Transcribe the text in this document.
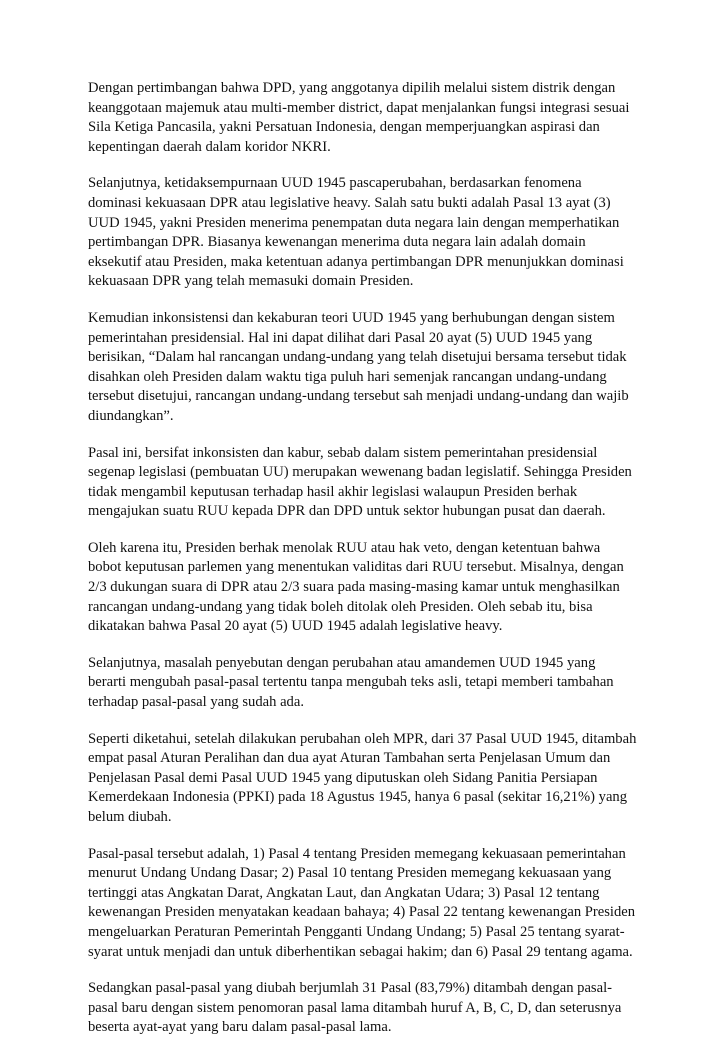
Dengan pertimbangan bahwa DPD, yang anggotanya dipilih melalui sistem distrik dengan
keanggotaan majemuk atau multi-member district, dapat menjalankan fungsi integrasi sesuai
Sila Ketiga Pancasila, yakni Persatuan Indonesia, dengan memperjuangkan aspirasi dan
kepentingan daerah dalam koridor NKRI.

Selanjutnya, ketidaksempurnaan UUD 1945 pascaperubahan, berdasarkan fenomena
dominasi kekuasaan DPR atau legislative heavy. Salah satu bukti adalah Pasal 13 ayat (3)
UUD 1945, yakni Presiden menerima penempatan duta negara lain dengan memperhatikan
pertimbangan DPR. Biasanya kewenangan menerima duta negara lain adalah domain
eksekutif atau Presiden, maka ketentuan adanya pertimbangan DPR menunjukkan dominasi
kekuasaan DPR yang telah memasuki domain Presiden.

Kemudian inkonsistensi dan kekaburan teori UUD 1945 yang berhubungan dengan sistem
pemerintahan presidensial. Hal ini dapat dilihat dari Pasal 20 ayat (5) UUD 1945 yang
berisikan, “Dalam hal rancangan undang-undang yang telah disetujui bersama tersebut tidak
disahkan oleh Presiden dalam waktu tiga puluh hari semenjak rancangan undang-undang
tersebut disetujui, rancangan undang-undang tersebut sah menjadi undang-undang dan wajib
diundangkan”.

Pasal ini, bersifat inkonsisten dan kabur, sebab dalam sistem pemerintahan presidensial
segenap legislasi (pembuatan UU) merupakan wewenang badan legislatif. Sehingga Presiden
tidak mengambil keputusan terhadap hasil akhir legislasi walaupun Presiden berhak
mengajukan suatu RUU kepada DPR dan DPD untuk sektor hubungan pusat dan daerah.

Oleh karena itu, Presiden berhak menolak RUU atau hak veto, dengan ketentuan bahwa
bobot keputusan parlemen yang menentukan validitas dari RUU tersebut. Misalnya, dengan
2/3 dukungan suara di DPR atau 2/3 suara pada masing-masing kamar untuk menghasilkan
rancangan undang-undang yang tidak boleh ditolak oleh Presiden. Oleh sebab itu, bisa
dikatakan bahwa Pasal 20 ayat (5) UUD 1945 adalah legislative heavy.

Selanjutnya, masalah penyebutan dengan perubahan atau amandemen UUD 1945 yang
berarti mengubah pasal-pasal tertentu tanpa mengubah teks asli, tetapi memberi tambahan
terhadap pasal-pasal yang sudah ada.

Seperti diketahui, setelah dilakukan perubahan oleh MPR, dari 37 Pasal UUD 1945, ditambah
empat pasal Aturan Peralihan dan dua ayat Aturan Tambahan serta Penjelasan Umum dan
Penjelasan Pasal demi Pasal UUD 1945 yang diputuskan oleh Sidang Panitia Persiapan
Kemerdekaan Indonesia (PPKI) pada 18 Agustus 1945, hanya 6 pasal (sekitar 16,21%) yang
belum diubah.

Pasal-pasal tersebut adalah, 1) Pasal 4 tentang Presiden memegang kekuasaan pemerintahan
menurut Undang Undang Dasar; 2) Pasal 10 tentang Presiden memegang kekuasaan yang
tertinggi atas Angkatan Darat, Angkatan Laut, dan Angkatan Udara; 3) Pasal 12 tentang
kewenangan Presiden menyatakan keadaan bahaya; 4) Pasal 22 tentang kewenangan Presiden
mengeluarkan Peraturan Pemerintah Pengganti Undang Undang; 5) Pasal 25 tentang syarat-
syarat untuk menjadi dan untuk diberhentikan sebagai hakim; dan 6) Pasal 29 tentang agama.

Sedangkan pasal-pasal yang diubah berjumlah 31 Pasal (83,79%) ditambah dengan pasal-
pasal baru dengan sistem penomoran pasal lama ditambah huruf A, B, C, D, dan seterusnya
beserta ayat-ayat yang baru dalam pasal-pasal lama.
